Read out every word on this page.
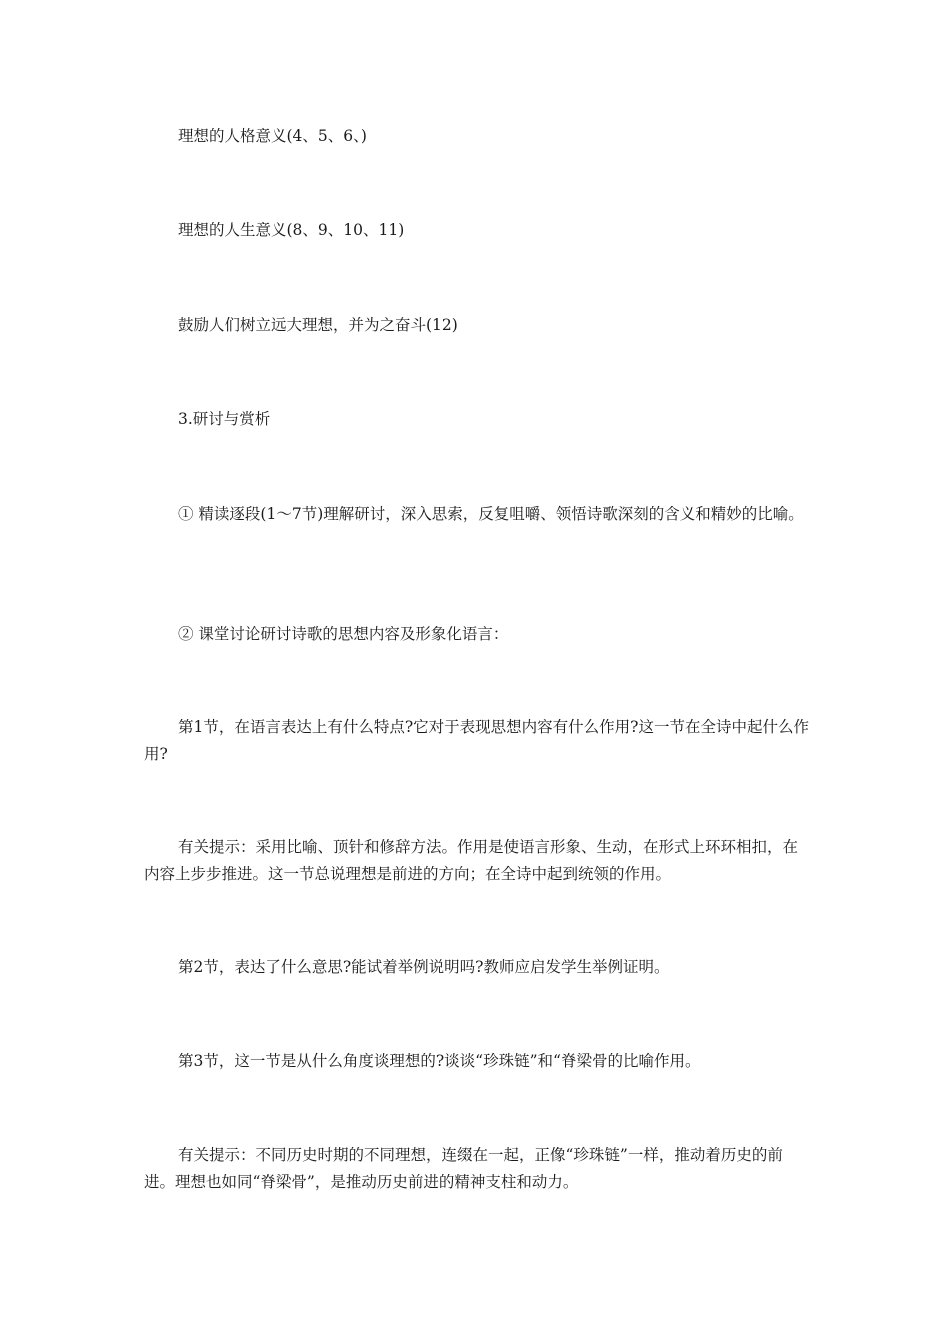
理想的人格意义(4、5、6、)

理想的人生意义(8、9、10、11)

鼓励人们树立远大理想，并为之奋斗(12)

3.研讨与赏析

① 精读逐段(1～7节)理解研讨，深入思索，反复咀嚼、领悟诗歌深刻的含义和精妙的比喻。

② 课堂讨论研讨诗歌的思想内容及形象化语言：

第1节，在语言表达上有什么特点?它对于表现思想内容有什么作用?这一节在全诗中起什么作用?

有关提示：采用比喻、顶针和修辞方法。作用是使语言形象、生动，在形式上环环相扣，在内容上步步推进。这一节总说理想是前进的方向；在全诗中起到统领的作用。

第2节，表达了什么意思?能试着举例说明吗?教师应启发学生举例证明。

第3节，这一节是从什么角度谈理想的?谈谈“珍珠链”和“脊梁骨的比喻作用。

有关提示：不同历史时期的不同理想，连缀在一起，正像“珍珠链”一样，推动着历史的前进。理想也如同“脊梁骨”，是推动历史前进的精神支柱和动力。
